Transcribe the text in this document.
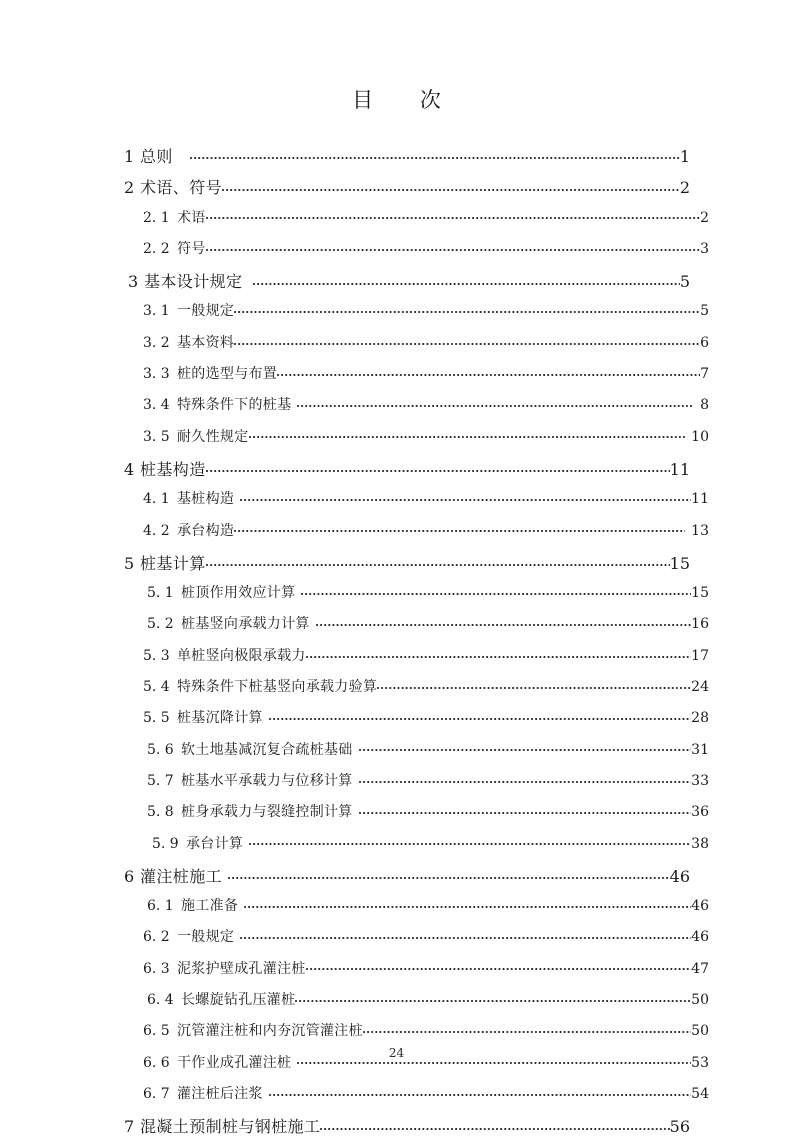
目 次
1 总则	1
2 术语、符号	2
2. 1 术语	2
2. 2 符号	3
3 基本设计规定	5
3. 1 一般规定	5
3. 2 基本资料	6
3. 3 桩的选型与布置	7
3. 4 特殊条件下的桩基	8
3. 5 耐久性规定	10
4 桩基构造	11
4. 1 基桩构造	11
4. 2 承台构造	13
5 桩基计算	15
5. 1 桩顶作用效应计算	15
5. 2 桩基竖向承载力计算	16
5. 3 单桩竖向极限承载力	17
5. 4 特殊条件下桩基竖向承载力验算	24
5. 5 桩基沉降计算	28
5. 6 软土地基减沉复合疏桩基础	31
5. 7 桩基水平承载力与位移计算	33
5. 8 桩身承载力与裂缝控制计算	36
5. 9 承台计算	38
6 灌注桩施工	46
6. 1 施工准备	46
6. 2 一般规定	46
6. 3 泥浆护壁成孔灌注桩	47
6. 4 长螺旋钻孔压灌桩	50
6. 5 沉管灌注桩和内夯沉管灌注桩	50
6. 6 干作业成孔灌注桩	53
6. 7 灌注桩后注浆	54
7 混凝土预制桩与钢桩施工	56
24
